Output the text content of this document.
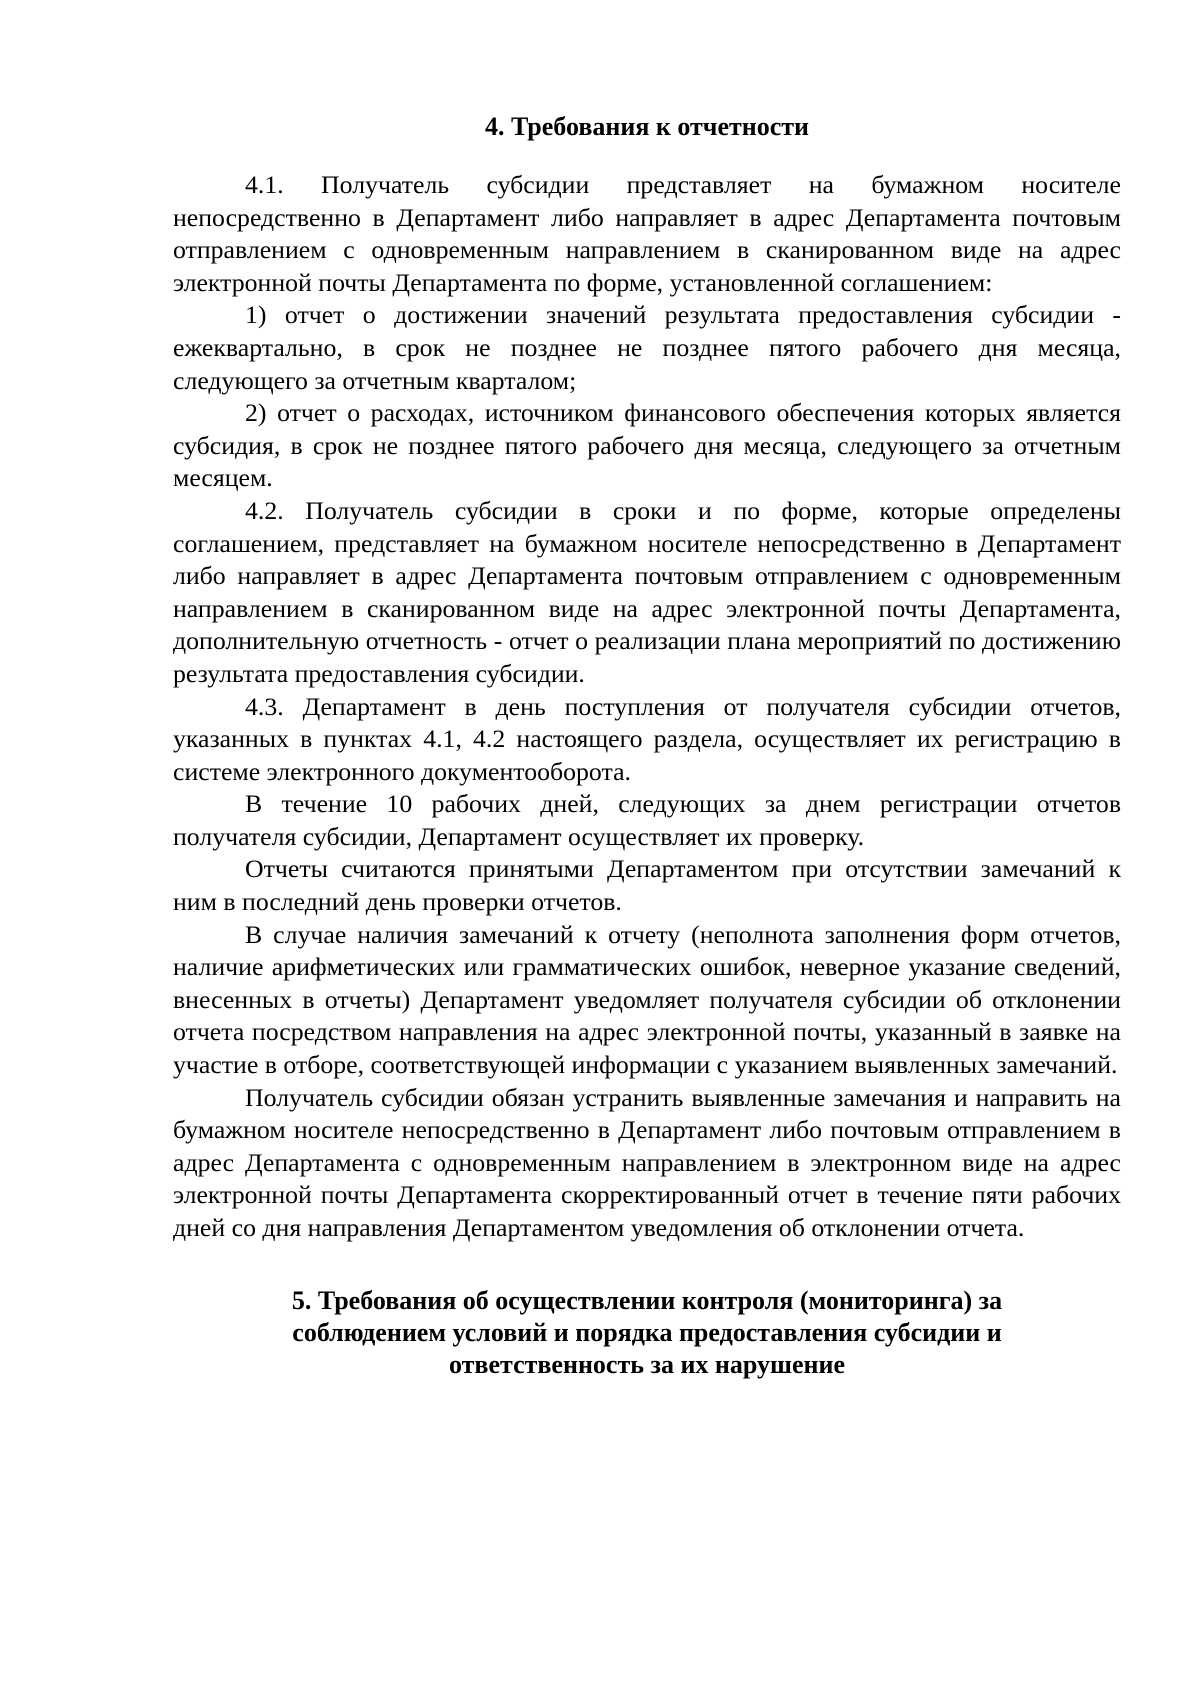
4. Требования к отчетности

4.1. Получатель субсидии представляет на бумажном носителе непосредственно в Департамент либо направляет в адрес Департамента почтовым отправлением с одновременным направлением в сканированном виде на адрес электронной почты Департамента по форме, установленной соглашением:

1) отчет о достижении значений результата предоставления субсидии - ежеквартально, в срок не позднее не позднее пятого рабочего дня месяца, следующего за отчетным кварталом;

2) отчет о расходах, источником финансового обеспечения которых является субсидия, в срок не позднее пятого рабочего дня месяца, следующего за отчетным месяцем.

4.2. Получатель субсидии в сроки и по форме, которые определены соглашением, представляет на бумажном носителе непосредственно в Департамент либо направляет в адрес Департамента почтовым отправлением с одновременным направлением в сканированном виде на адрес электронной почты Департамента, дополнительную отчетность - отчет о реализации плана мероприятий по достижению результата предоставления субсидии.

4.3. Департамент в день поступления от получателя субсидии отчетов, указанных в пунктах 4.1, 4.2 настоящего раздела, осуществляет их регистрацию в системе электронного документооборота.

В течение 10 рабочих дней, следующих за днем регистрации отчетов получателя субсидии, Департамент осуществляет их проверку.

Отчеты считаются принятыми Департаментом при отсутствии замечаний к ним в последний день проверки отчетов.

В случае наличия замечаний к отчету (неполнота заполнения форм отчетов, наличие арифметических или грамматических ошибок, неверное указание сведений, внесенных в отчеты) Департамент уведомляет получателя субсидии об отклонении отчета посредством направления на адрес электронной почты, указанный в заявке на участие в отборе, соответствующей информации с указанием выявленных замечаний.

Получатель субсидии обязан устранить выявленные замечания и направить на бумажном носителе непосредственно в Департамент либо почтовым отправлением в адрес Департамента с одновременным направлением в электронном виде на адрес электронной почты Департамента скорректированный отчет в течение пяти рабочих дней со дня направления Департаментом уведомления об отклонении отчета.

5. Требования об осуществлении контроля (мониторинга) за
соблюдением условий и порядка предоставления субсидии и
ответственность за их нарушение
